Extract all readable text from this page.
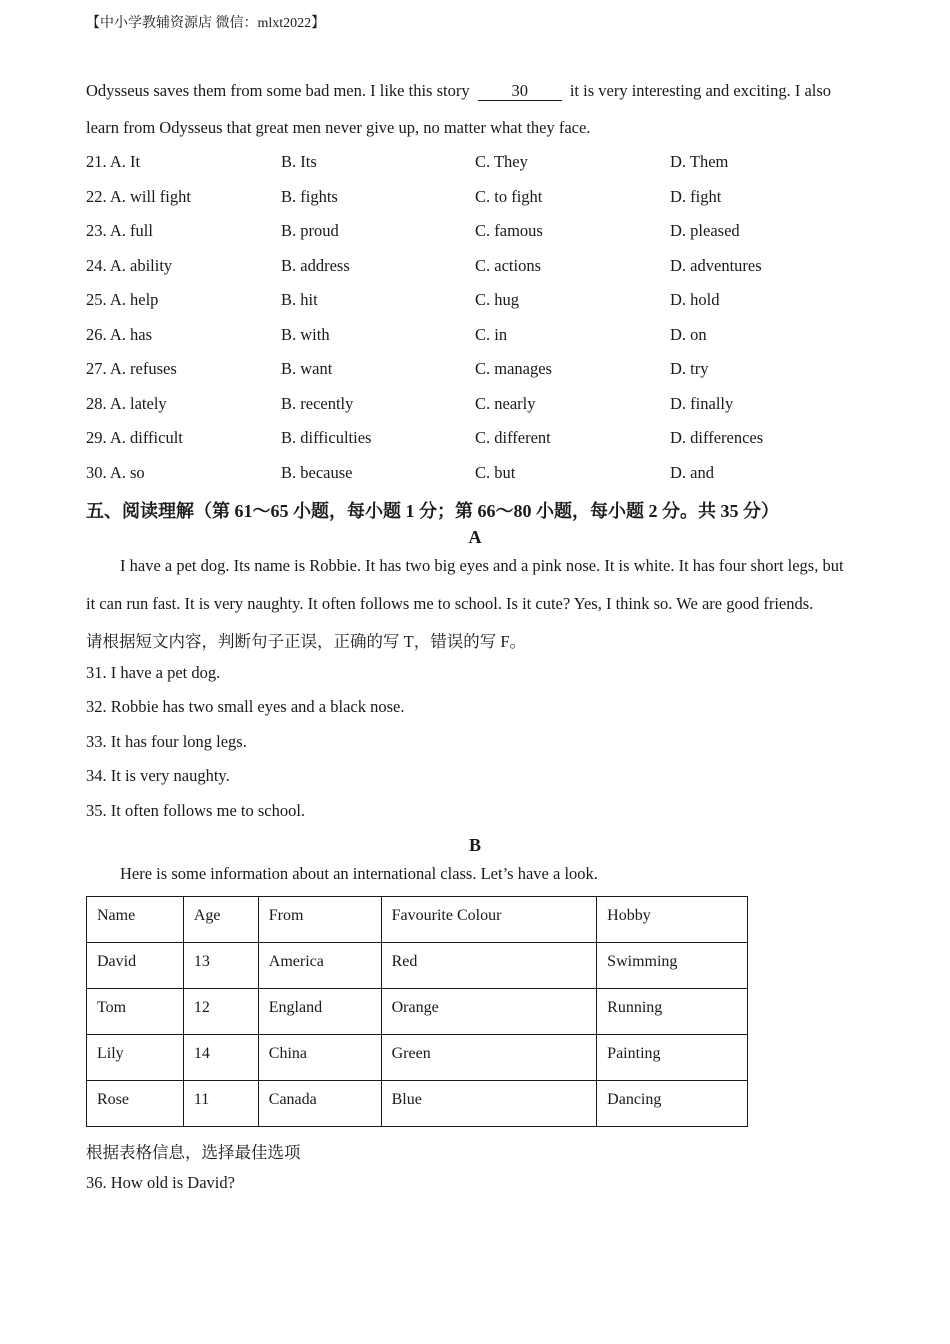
【中小学教辅资源店 微信：mlxt2022】
Odysseus saves them from some bad men. I like this story	30	it is very interesting and exciting. I also
learn from Odysseus that great men never give up, no matter what they face.
21. A. It	B. Its	C. They	D. Them
22. A. will fight	B. fights	C. to fight	D. fight
23. A. full	B. proud	C. famous	D. pleased
24. A. ability	B. address	C. actions	D. adventures
25. A. help	B. hit	C. hug	D. hold
26. A. has	B. with	C. in	D. on
27. A. refuses	B. want	C. manages	D. try
28. A. lately	B. recently	C. nearly	D. finally
29. A. difficult	B. difficulties	C. different	D. differences
30. A. so	B. because	C. but	D. and
五、阅读理解（第 61～65 小题，每小题 1 分；第 66～80 小题，每小题 2 分。共 35 分）
A
I have a pet dog. Its name is Robbie. It has two big eyes and a pink nose. It is white. It has four short legs, but
it can run fast. It is very naughty. It often follows me to school. Is it cute? Yes, I think so. We are good friends.
请根据短文内容，判断句子正误，正确的写 T，错误的写 F。
31. I have a pet dog.
32. Robbie has two small eyes and a black nose.
33. It has four long legs.
34. It is very naughty.
35. It often follows me to school.
B
Here is some information about an international class. Let’s have a look.
Name	Age	From	Favourite Colour	Hobby
David	13	America	Red	Swimming
Tom	12	England	Orange	Running
Lily	14	China	Green	Painting
Rose	11	Canada	Blue	Dancing
根据表格信息，选择最佳选项
36. How old is David?
